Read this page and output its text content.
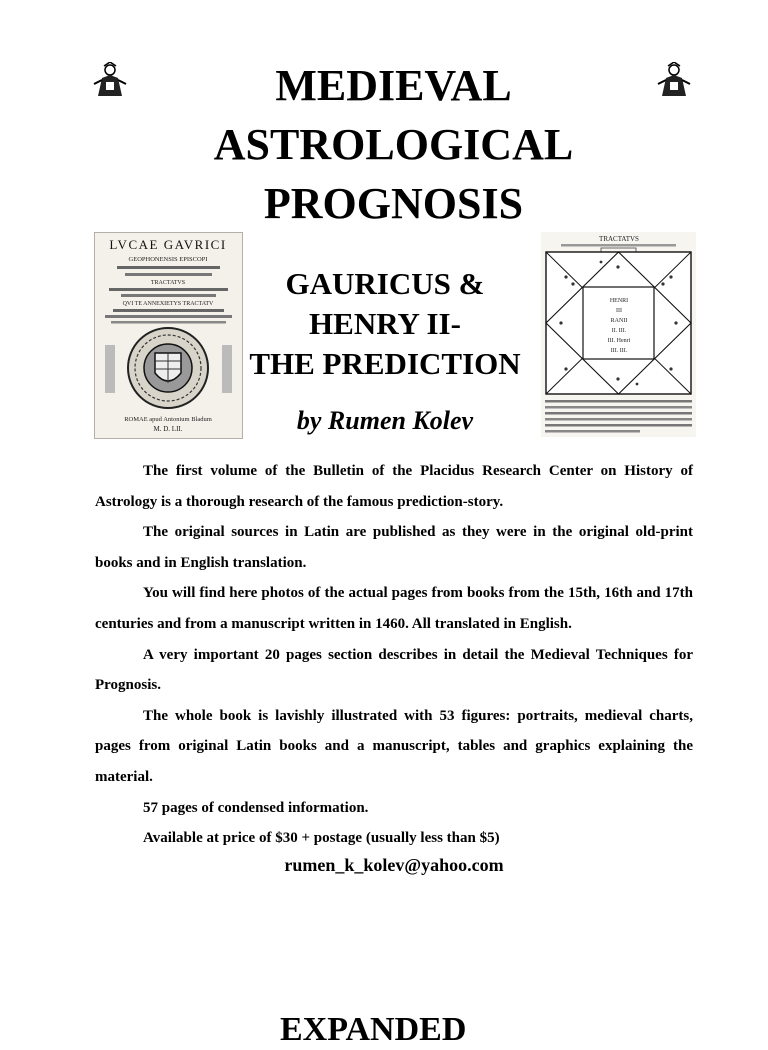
MEDIEVAL
ASTROLOGICAL
PROGNOSIS
LVCAE GAVRICI
GEOPHONENSIS EPISCOPI
TRACTATVS
QVI TE ANNEXIETYS TRACTATV
ROMAE apud Antonium Bladum
M. D. LII.
TRACTATVS
HENRI
III
RANII
II. III.
III. Henri
III. III.
GAURICUS &
HENRY II-
THE PREDICTION
by Rumen Kolev

The first volume of the Bulletin of the Placidus Research Center on History of Astrology is a thorough research of the famous prediction-story.

The original sources in Latin are published as they were in the original old-print books and in English translation.

You will find here photos of the actual pages from books from the 15th, 16th and 17th centuries and from a manuscript written in 1460. All translated in English.

A very important 20 pages section describes in detail the Medieval Techniques for Prognosis.

The whole book is lavishly illustrated with 53 figures: portraits, medieval charts, pages from original Latin books and a manuscript, tables and graphics explaining the material.

57 pages of condensed information.

Available at price of $30 + postage (usually less than $5)

rumen_k_kolev@yahoo.com
EXPANDED
